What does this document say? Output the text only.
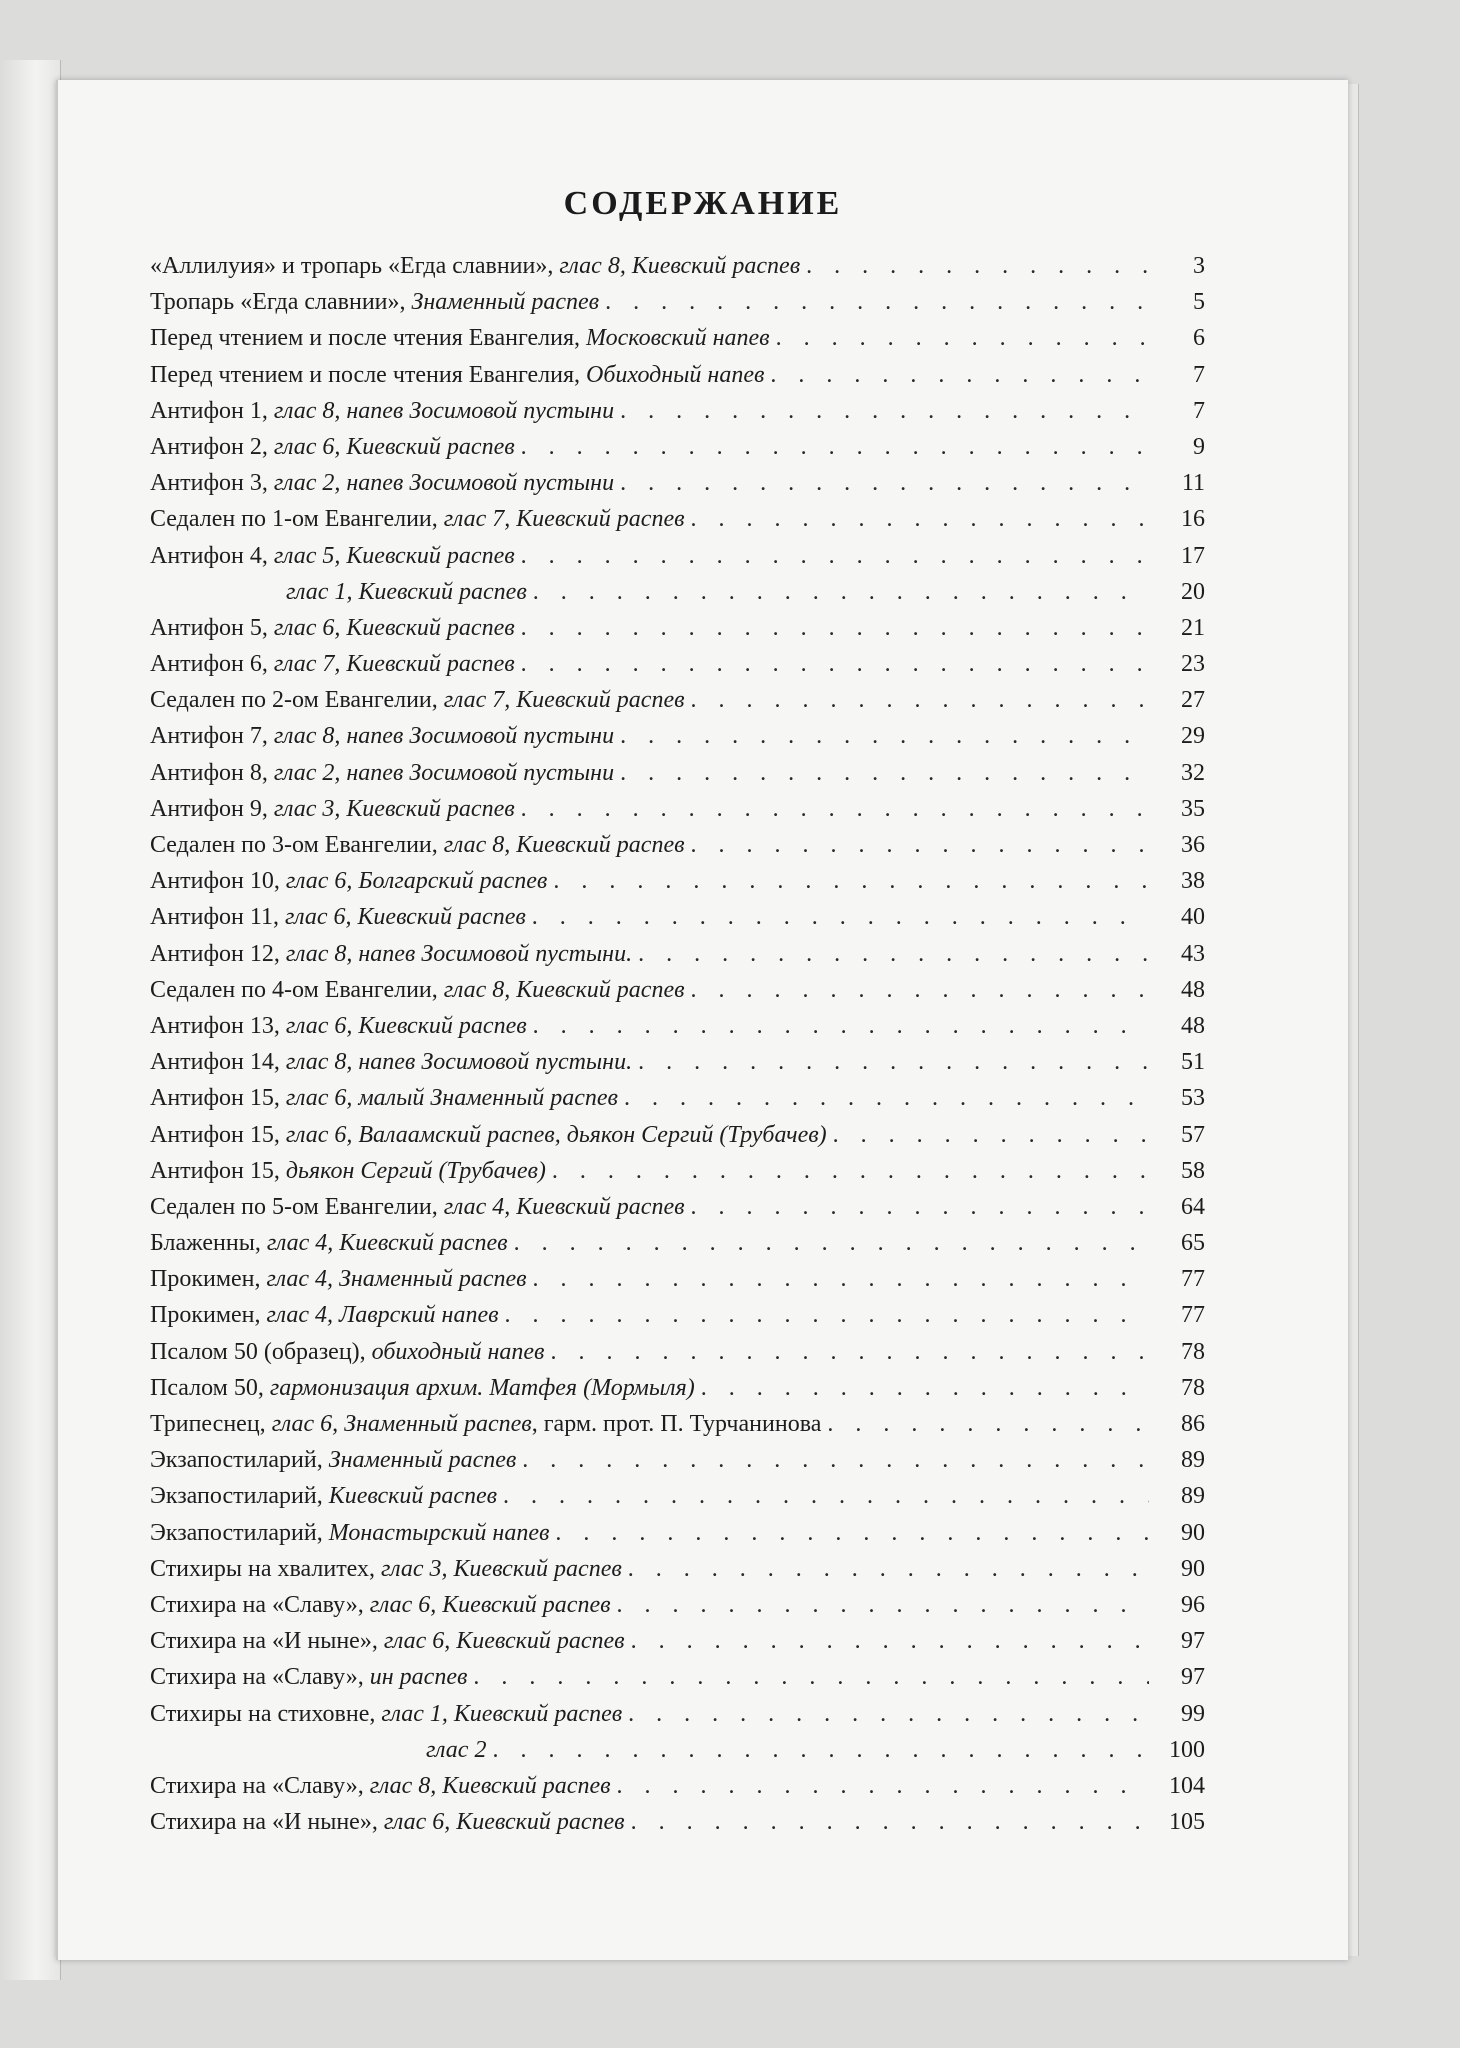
СОДЕРЖАНИЕ
«Аллилуия» и тропарь «Егда славнии», глас 8, Киевский распев . . .	3
Тропарь «Егда славнии», Знаменный распев . . .	5
Перед чтением и после чтения Евангелия, Московский напев . . .	6
Перед чтением и после чтения Евангелия, Обиходный напев . . .	7
Антифон 1, глас 8, напев Зосимовой пустыни . . .	7
Антифон 2, глас 6, Киевский распев . . .	9
Антифон 3, глас 2, напев Зосимовой пустыни . . .	11
Седален по 1-ом Евангелии, глас 7, Киевский распев . . .	16
Антифон 4, глас 5, Киевский распев . . .	17
глас 1, Киевский распев . . .	20
Антифон 5, глас 6, Киевский распев . . .	21
Антифон 6, глас 7, Киевский распев . . .	23
Седален по 2-ом Евангелии, глас 7, Киевский распев . . .	27
Антифон 7, глас 8, напев Зосимовой пустыни . . .	29
Антифон 8, глас 2, напев Зосимовой пустыни . . .	32
Антифон 9, глас 3, Киевский распев . . .	35
Седален по 3-ом Евангелии, глас 8, Киевский распев . . .	36
Антифон 10, глас 6, Болгарский распев . . .	38
Антифон 11, глас 6, Киевский распев . . .	40
Антифон 12, глас 8, напев Зосимовой пустыни. . . .	43
Седален по 4-ом Евангелии, глас 8, Киевский распев . . .	48
Антифон 13, глас 6, Киевский распев . . .	48
Антифон 14, глас 8, напев Зосимовой пустыни. . . .	51
Антифон 15, глас 6, малый Знаменный распев . . .	53
Антифон 15, глас 6, Валаамский распев, дьякон Сергий (Трубачев) . . .	57
Антифон 15, дьякон Сергий (Трубачев) . . .	58
Седален по 5-ом Евангелии, глас 4, Киевский распев . . .	64
Блаженны, глас 4, Киевский распев . . .	65
Прокимен, глас 4, Знаменный распев . . .	77
Прокимен, глас 4, Лаврский напев . . .	77
Псалом 50 (образец), обиходный напев . . .	78
Псалом 50, гармонизация архим. Матфея (Мормыля) . . .	78
Трипеснец, глас 6, Знаменный распев, гарм. прот. П. Турчанинова . . .	86
Экзапостиларий, Знаменный распев . . .	89
Экзапостиларий, Киевский распев . . .	89
Экзапостиларий, Монастырский напев . . .	90
Стихиры на хвалитех, глас 3, Киевский распев . . .	90
Стихира на «Славу», глас 6, Киевский распев . . .	96
Стихира на «И ныне», глас 6, Киевский распев . . .	97
Стихира на «Славу», ин распев . . .	97
Стихиры на стиховне, глас 1, Киевский распев . . .	99
глас 2 . . .	100
Стихира на «Славу», глас 8, Киевский распев . . .	104
Стихира на «И ныне», глас 6, Киевский распев . . .	105
